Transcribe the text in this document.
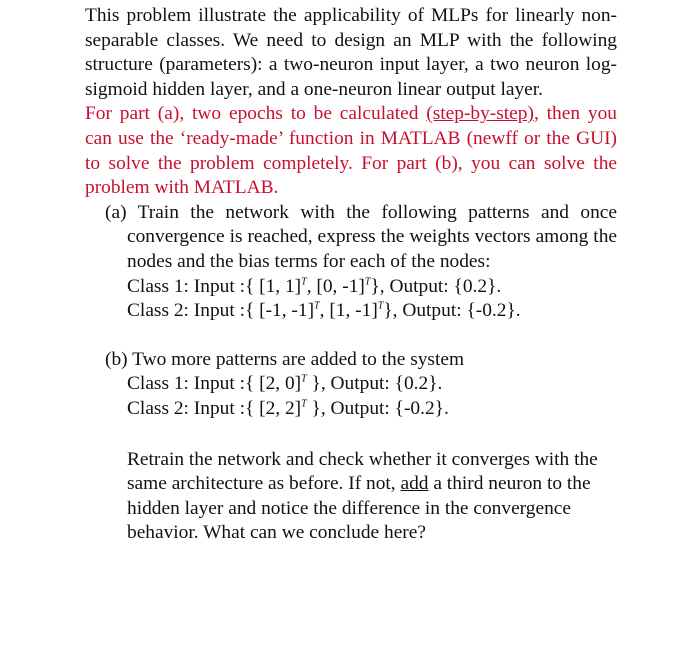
This problem illustrate the applicability of MLPs for linearly non-separable classes. We need to design an MLP with the following structure (parameters): a two-neuron input layer, a two neuron log-sigmoid hidden layer, and a one-neuron linear output layer.

For part (a), two epochs to be calculated (step-by-step), then you can use the ‘ready-made’ function in MATLAB (newff or the GUI) to solve the problem completely. For part (b), you can solve the problem with MATLAB.

(a) Train the network with the following patterns and once convergence is reached, express the weights vectors among the nodes and the bias terms for each of the nodes:

Class 1: Input :{ [1, 1]$^T$, [0, -1]$^T$}, Output: {0.2}.
Class 2: Input :{ [-1, -1]$^T$, [1, -1]$^T$}, Output: {-0.2}.

(b) Two more patterns are added to the system

Class 1: Input :{ [2, 0]$^T$ }, Output: {0.2}.
Class 2: Input :{ [2, 2]$^T$ }, Output: {-0.2}.

Retrain the network and check whether it converges with the same architecture as before. If not, add a third neuron to the hidden layer and notice the difference in the convergence behavior. What can we conclude here?
